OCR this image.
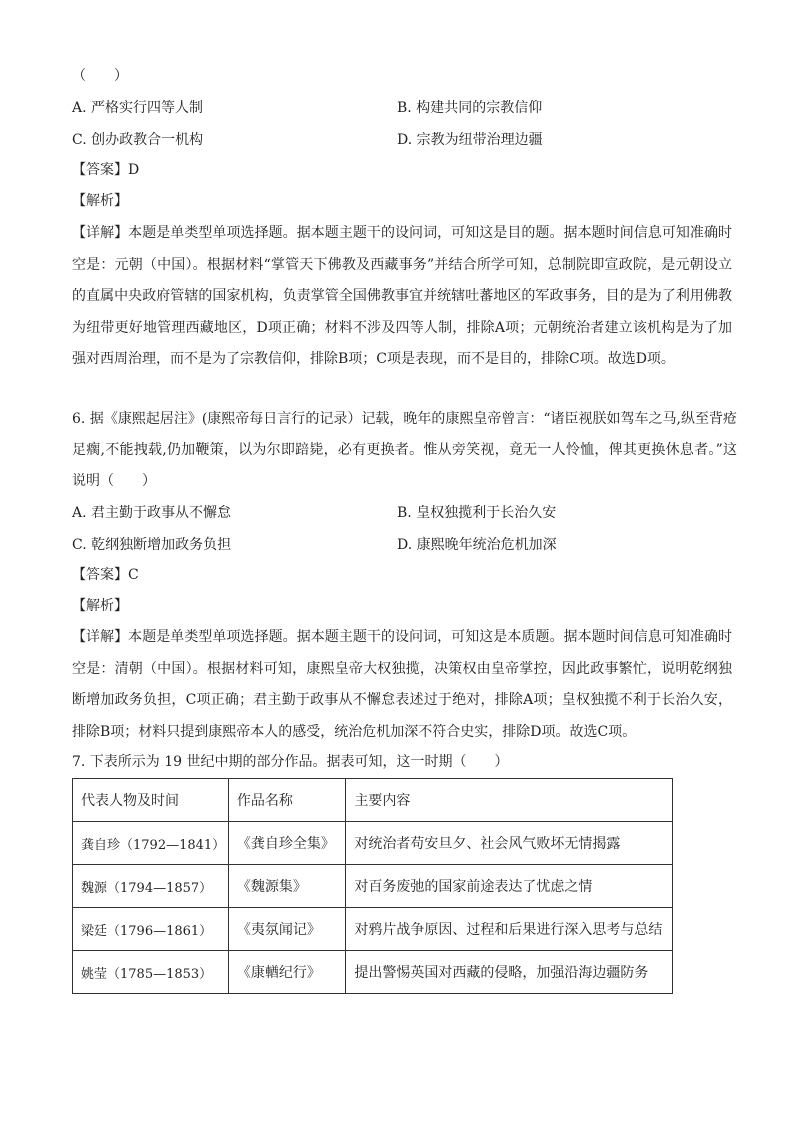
（　　）
A. 严格实行四等人制	B. 构建共同的宗教信仰
C. 创办政教合一机构	D. 宗教为纽带治理边疆
【答案】D
【解析】
【详解】本题是单类型单项选择题。据本题主题干的设问词，可知这是目的题。据本题时间信息可知准确时空是：元朝（中国）。根据材料“掌管天下佛教及西藏事务”并结合所学可知，总制院即宣政院，是元朝设立的直属中央政府管辖的国家机构，负责掌管全国佛教事宜并统辖吐蕃地区的军政事务，目的是为了利用佛教为纽带更好地管理西藏地区，D项正确；材料不涉及四等人制，排除A项；元朝统治者建立该机构是为了加强对西周治理，而不是为了宗教信仰，排除B项；C项是表现，而不是目的，排除C项。故选D项。
6. 据《康熙起居注》(康熙帝每日言行的记录）记载，晚年的康熙皇帝曾言：“诸臣视朕如驾车之马,纵至背疮足瘸,不能拽载,仍加鞭策，以为尔即踣毙，必有更换者。惟从旁笑视，竟无一人怜恤，俾其更换休息者。”这说明（　　）
A. 君主勤于政事从不懈怠	B. 皇权独揽利于长治久安
C. 乾纲独断增加政务负担	D. 康熙晚年统治危机加深
【答案】C
【解析】
【详解】本题是单类型单项选择题。据本题主题干的设问词，可知这是本质题。据本题时间信息可知准确时空是：清朝（中国）。根据材料可知，康熙皇帝大权独揽，决策权由皇帝掌控，因此政事繁忙，说明乾纲独断增加政务负担，C项正确；君主勤于政事从不懈怠表述过于绝对，排除A项；皇权独揽不利于长治久安，排除B项；材料只提到康熙帝本人的感受，统治危机加深不符合史实，排除D项。故选C项。
7. 下表所示为 19 世纪中期的部分作品。据表可知，这一时期（　　）
代表人物及时间	作品名称	主要内容
龚自珍（1792—1841）	《龚自珍全集》	对统治者苟安旦夕、社会风气败坏无情揭露
魏源（1794—1857）	《魏源集》	对百务废弛的国家前途表达了忧虑之情
梁廷（1796—1861）	《夷氛闻记》	对鸦片战争原因、过程和后果进行深入思考与总结
姚莹（1785—1853）	《康輶纪行》	提出警惕英国对西藏的侵略，加强沿海边疆防务
